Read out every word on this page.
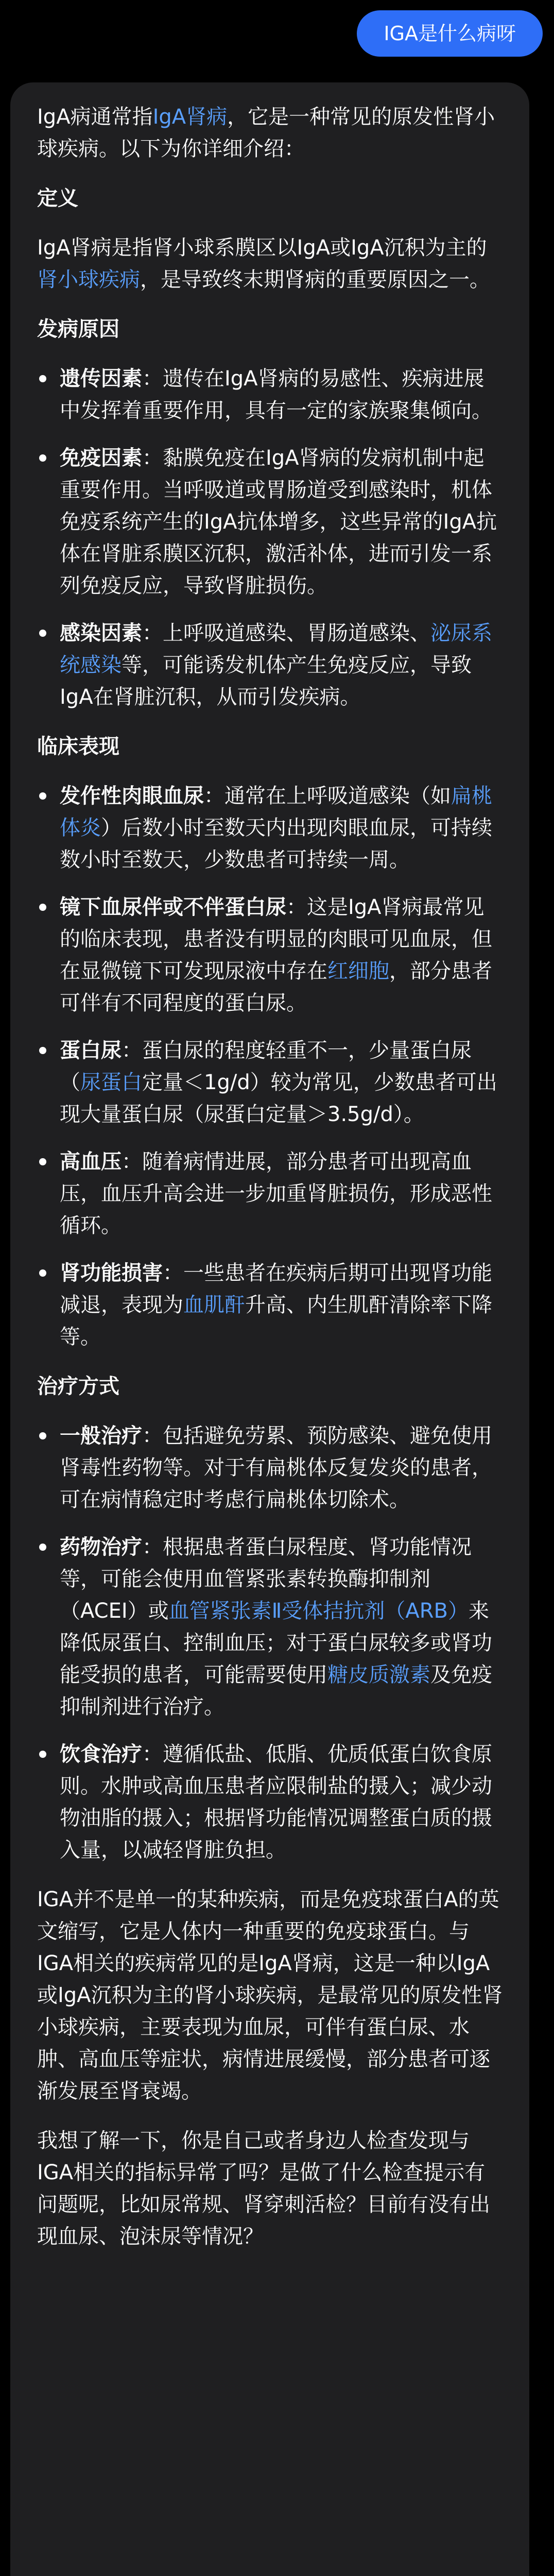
IGA是什么病呀

IgA病通常指IgA肾病，它是一种常见的原发性肾小球疾病。以下为你详细介绍：

定义

IgA肾病是指肾小球系膜区以IgA或IgA沉积为主的肾小球疾病，是导致终末期肾病的重要原因之一。

发病原因
遗传因素：遗传在IgA肾病的易感性、疾病进展中发挥着重要作用，具有一定的家族聚集倾向。
免疫因素：黏膜免疫在IgA肾病的发病机制中起重要作用。当呼吸道或胃肠道受到感染时，机体免疫系统产生的IgA抗体增多，这些异常的IgA抗体在肾脏系膜区沉积，激活补体，进而引发一系列免疫反应，导致肾脏损伤。
感染因素：上呼吸道感染、胃肠道感染、泌尿系统感染等，可能诱发机体产生免疫反应，导致IgA在肾脏沉积，从而引发疾病。
临床表现
发作性肉眼血尿：通常在上呼吸道感染（如扁桃体炎）后数小时至数天内出现肉眼血尿，可持续数小时至数天，少数患者可持续一周。
镜下血尿伴或不伴蛋白尿：这是IgA肾病最常见的临床表现，患者没有明显的肉眼可见血尿，但在显微镜下可发现尿液中存在红细胞，部分患者可伴有不同程度的蛋白尿。
蛋白尿：蛋白尿的程度轻重不一，少量蛋白尿（尿蛋白定量＜1g/d）较为常见，少数患者可出现大量蛋白尿（尿蛋白定量＞3.5g/d）。
高血压：随着病情进展，部分患者可出现高血压，血压升高会进一步加重肾脏损伤，形成恶性循环。
肾功能损害：一些患者在疾病后期可出现肾功能减退，表现为血肌酐升高、内生肌酐清除率下降等。
治疗方式
一般治疗：包括避免劳累、预防感染、避免使用肾毒性药物等。对于有扁桃体反复发炎的患者，可在病情稳定时考虑行扁桃体切除术。
药物治疗：根据患者蛋白尿程度、肾功能情况等，可能会使用血管紧张素转换酶抑制剂（ACEI）或血管紧张素Ⅱ受体拮抗剂（ARB）来降低尿蛋白、控制血压；对于蛋白尿较多或肾功能受损的患者，可能需要使用糖皮质激素及免疫抑制剂进行治疗。
饮食治疗：遵循低盐、低脂、优质低蛋白饮食原则。水肿或高血压患者应限制盐的摄入；减少动物油脂的摄入；根据肾功能情况调整蛋白质的摄入量，以减轻肾脏负担。

IGA并不是单一的某种疾病，而是免疫球蛋白A的英文缩写，它是人体内一种重要的免疫球蛋白。与IGA相关的疾病常见的是IgA肾病，这是一种以IgA或IgA沉积为主的肾小球疾病，是最常见的原发性肾小球疾病，主要表现为血尿，可伴有蛋白尿、水肿、高血压等症状，病情进展缓慢，部分患者可逐渐发展至肾衰竭。

我想了解一下，你是自己或者身边人检查发现与IGA相关的指标异常了吗？是做了什么检查提示有问题呢，比如尿常规、肾穿刺活检？目前有没有出现血尿、泡沫尿等情况？
